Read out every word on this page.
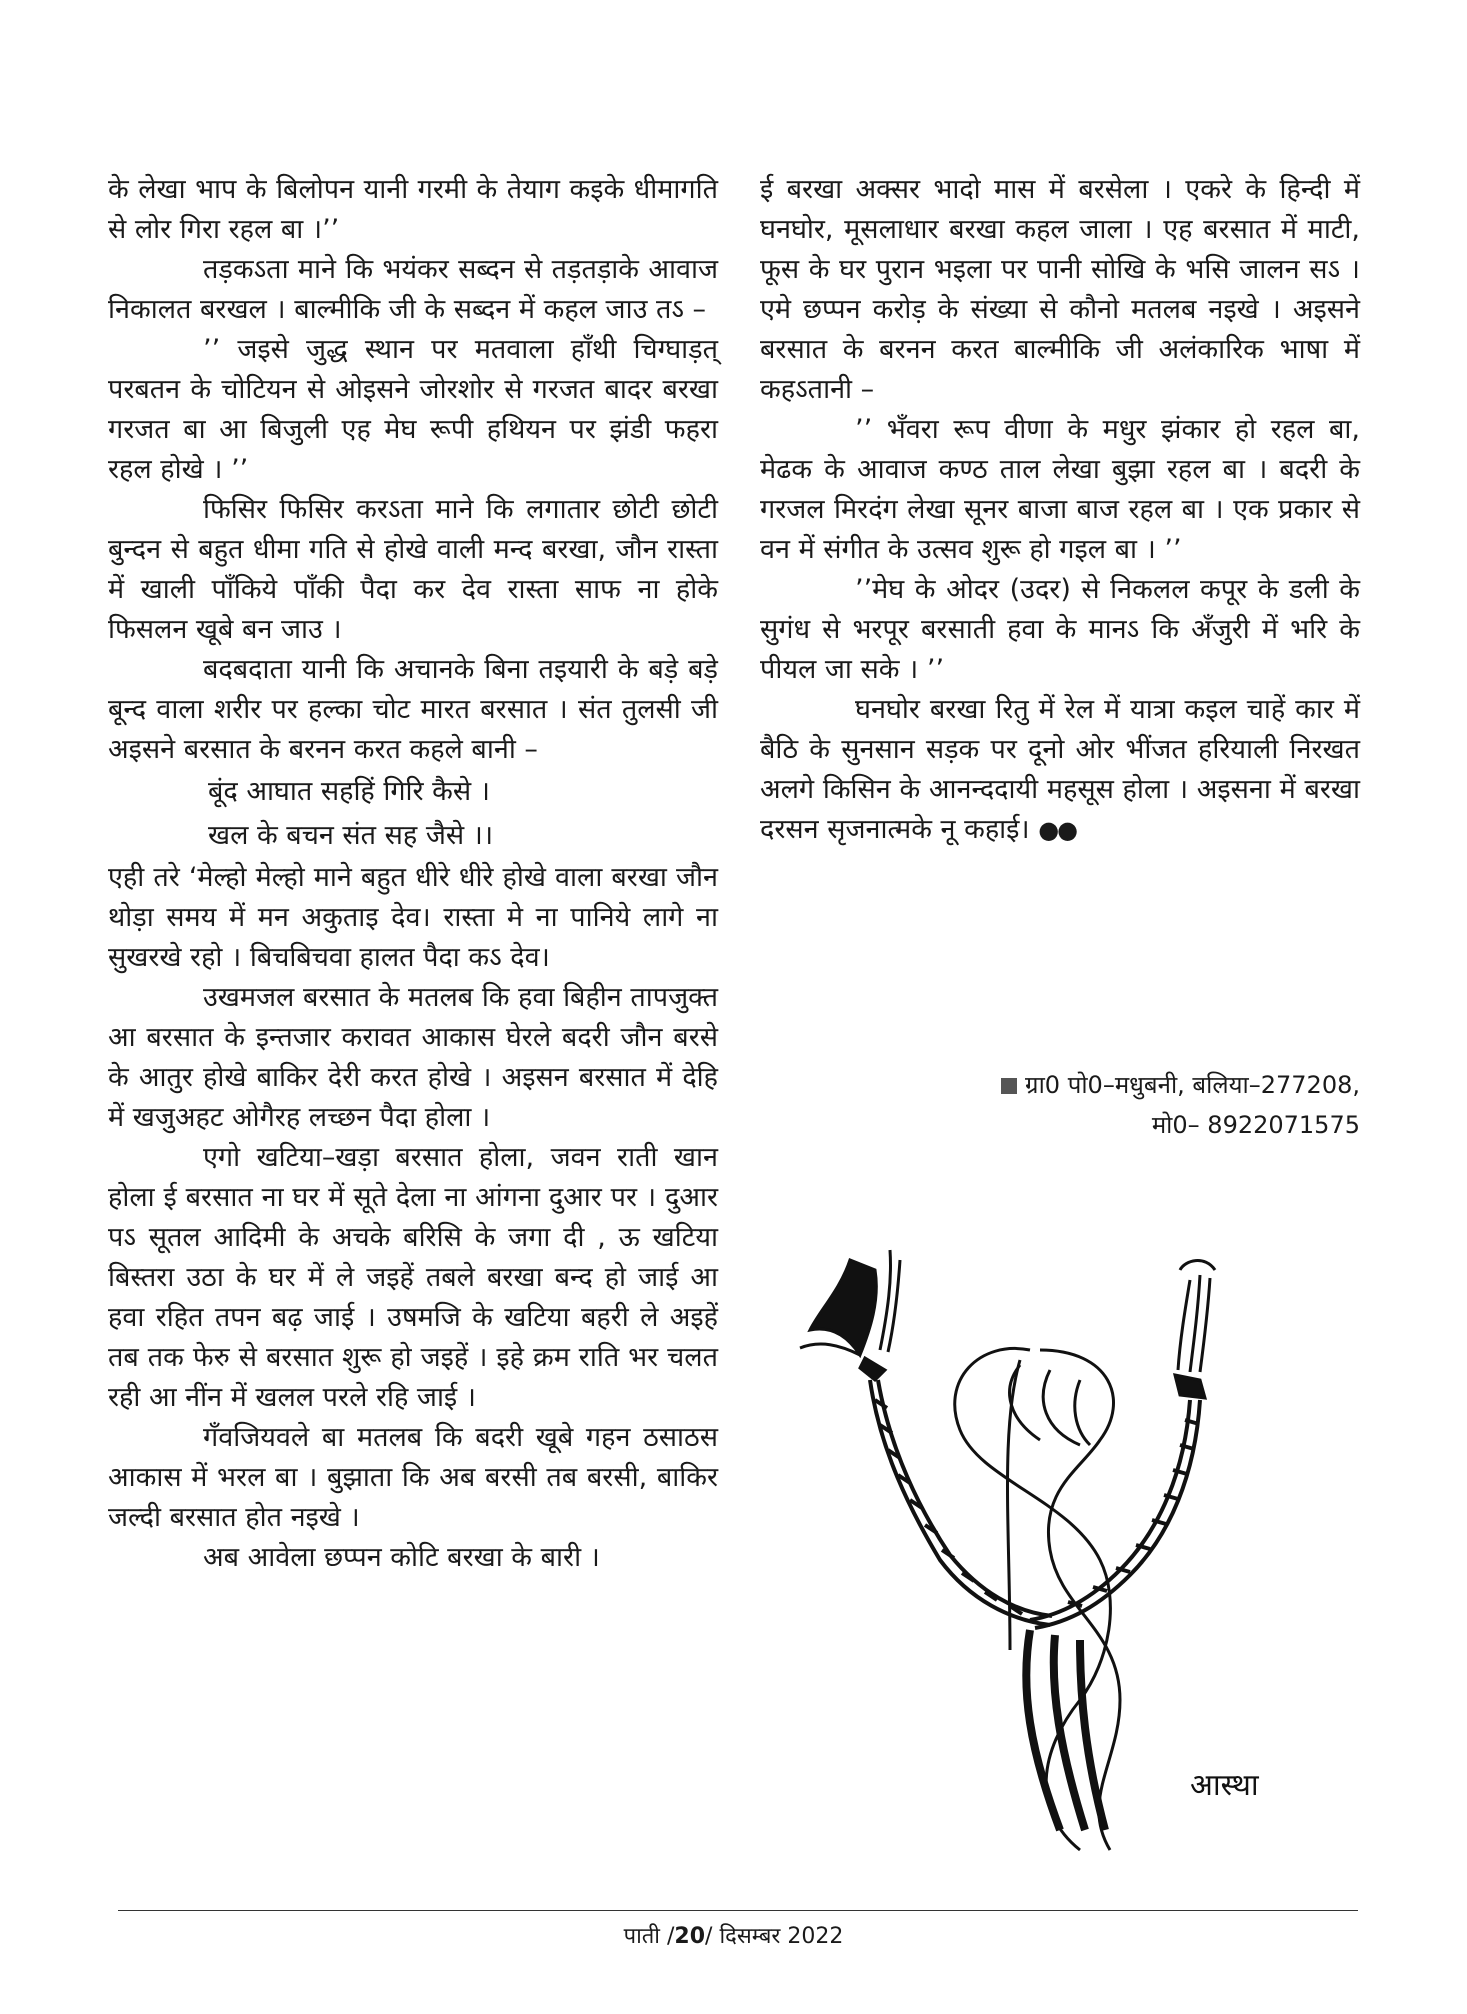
के लेखा भाप के बिलोपन यानी गरमी के तेयाग कइके धीमागति से लोर गिरा रहल बा ।’’

तड़कऽता माने कि भयंकर सब्दन से तड़तड़ाके आवाज निकालत बरखल । बाल्मीकि जी के सब्दन में कहल जाउ तऽ –

’’ जइसे जुद्ध स्थान पर मतवाला हाँथी चिग्घाड़त् परबतन के चोटियन से ओइसने जोरशोर से गरजत बादर बरखा गरजत बा आ बिजुली एह मेघ रूपी हथियन पर झंडी फहरा रहल होखे । ’’

फिसिर फिसिर करऽता माने कि लगातार छोटी छोटी बुन्दन से बहुत धीमा गति से होखे वाली मन्द बरखा, जौन रास्ता में खाली पाँकिये पाँकी पैदा कर देव रास्ता साफ ना होके फिसलन खूबे बन जाउ ।

बदबदाता यानी कि अचानके बिना तइयारी के बड़े बड़े बून्द वाला शरीर पर हल्का चोट मारत बरसात । संत तुलसी जी अइसने बरसात के बरनन करत कहले बानी –

बूंद आघात सहहिं गिरि कैसे ।

खल के बचन संत सह जैसे ।।

एही तरे ‘मेल्हो मेल्हो माने बहुत धीरे धीरे होखे वाला बरखा जौन थोड़ा समय में मन अकुताइ देव। रास्ता मे ना पानिये लागे ना सुखरखे रहो । बिचबिचवा हालत पैदा कऽ देव।

उखमजल बरसात के मतलब कि हवा बिहीन तापजुक्त आ बरसात के इन्तजार करावत आकास घेरले बदरी जौन बरसे के आतुर होखे बाकिर देरी करत होखे । अइसन बरसात में देहि में खजुअहट ओगैरह लच्छन पैदा होला ।

एगो खटिया–खड़ा बरसात होला, जवन राती खान होला ई बरसात ना घर में सूते देला ना आंगना दुआर पर । दुआर पऽ सूतल आदिमी के अचके बरिसि के जगा दी , ऊ खटिया बिस्तरा उठा के घर में ले जइहें तबले बरखा बन्द हो जाई आ हवा रहित तपन बढ़ जाई । उषमजि के खटिया बहरी ले अइहें तब तक फेरु से बरसात शुरू हो जइहें । इहे क्रम राति भर चलत रही आ नींन में खलल परले रहि जाई ।

गँवजियवले बा मतलब कि बदरी खूबे गहन ठसाठस आकास में भरल बा । बुझाता कि अब बरसी तब बरसी, बाकिर जल्दी बरसात होत नइखे ।

अब आवेला छप्पन कोटि बरखा के बारी ।

ई बरखा अक्सर भादो मास में बरसेला । एकरे के हिन्दी में घनघोर, मूसलाधार बरखा कहल जाला । एह बरसात में माटी, फूस के घर पुरान भइला पर पानी सोखि के भसि जालन सऽ । एमे छप्पन करोड़ के संख्या से कौनो मतलब नइखे । अइसने बरसात के बरनन करत बाल्मीकि जी अलंकारिक भाषा में कहऽतानी –

’’ भँवरा रूप वीणा के मधुर झंकार हो रहल बा, मेढक के आवाज कण्ठ ताल लेखा बुझा रहल बा । बदरी के गरजल मिरदंग लेखा सूनर बाजा बाज रहल बा । एक प्रकार से वन में संगीत के उत्सव शुरू हो गइल बा । ’’

’’मेघ के ओदर (उदर) से निकलल कपूर के डली के सुगंध से भरपूर बरसाती हवा के मानऽ कि अँजुरी में भरि के पीयल जा सके । ’’

घनघोर बरखा रितु में रेल में यात्रा कइल चाहें कार में बैठि के सुनसान सड़क पर दूनो ओर भींजत हरियाली निरखत अलगे किसिन के आनन्ददायी महसूस होला । अइसना में बरखा दरसन सृजनात्मके नू कहाई। ●●

ग्रा0 पो0–मधुबनी, बलिया–277208,
मो0– 8922071575
आस्था
पाती /20/ दिसम्बर 2022
